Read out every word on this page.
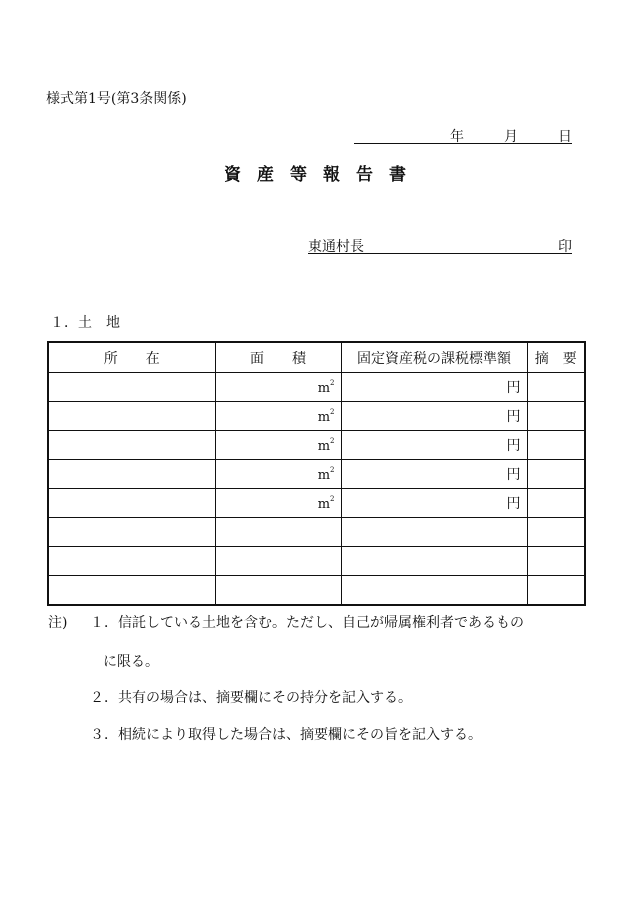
様式第1号(第3条関係)
年	月	日
資産等報告書
東通村長	印
１．土　地
所　　在	面　　積	固定資産税の課税標準額	摘　要
	$m^2$	円	
	$m^2$	円	
	$m^2$	円	
	$m^2$	円	
	$m^2$	円	

注) １．信託している土地を含む。ただし、自己が帰属権利者であるもの
に限る。
２．共有の場合は、摘要欄にその持分を記入する。
３．相続により取得した場合は、摘要欄にその旨を記入する。
